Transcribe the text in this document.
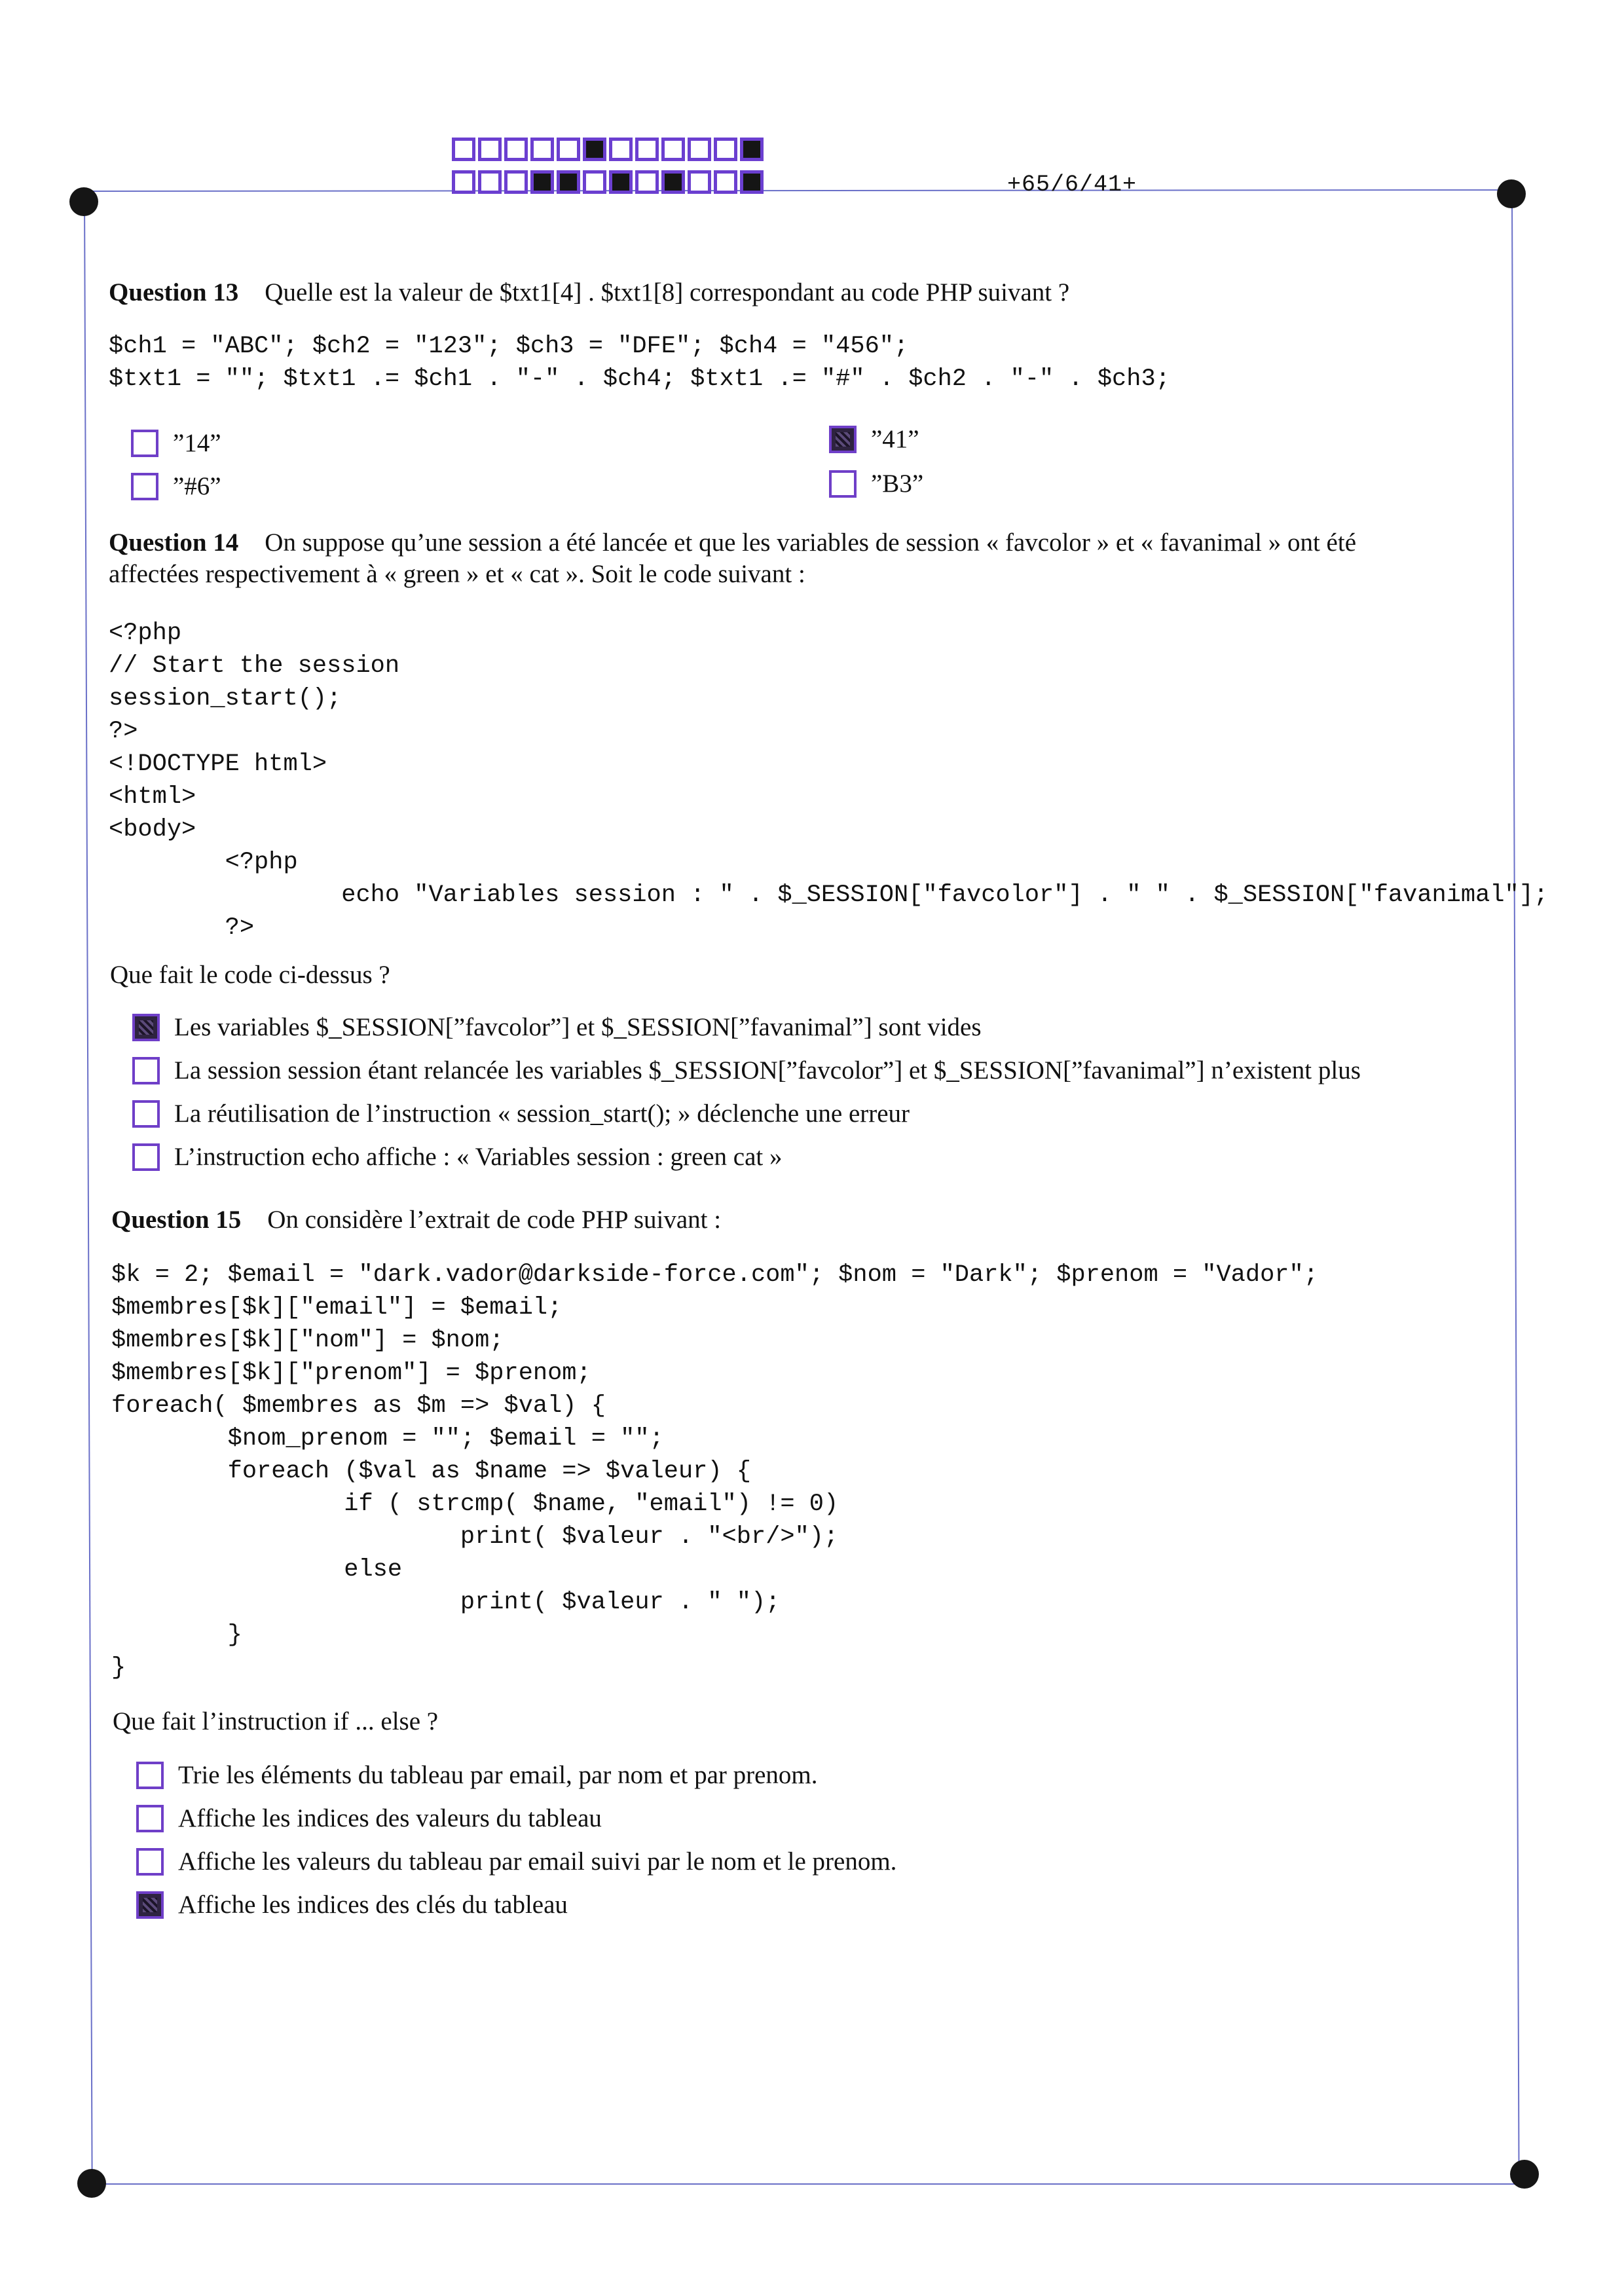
+65/6/41+
Question 13 Quelle est la valeur de $txt1[4] . $txt1[8] correspondant au code PHP suivant ?
$ch1 = "ABC"; $ch2 = "123"; $ch3 = "DFE"; $ch4 = "456";
$txt1 = ""; $txt1 .= $ch1 . "-" . $ch4; $txt1 .= "#" . $ch2 . "-" . $ch3;
”14”	”41”
”#6”	”B3”
Question 14 On suppose qu’une session a été lancée et que les variables de session « favcolor » et « favanimal » ont été
affectées respectivement à « green » et « cat ». Soit le code suivant :
<?php
// Start the session
session_start();
?>
<!DOCTYPE html>
<html>
<body>
<?php
echo "Variables session : " . $_SESSION["favcolor"] . " " . $_SESSION["favanimal"];
?>
Que fait le code ci-dessus ?
Les variables $_SESSION[”favcolor”] et $_SESSION[”favanimal”] sont vides
La session session étant relancée les variables $_SESSION[”favcolor”] et $_SESSION[”favanimal”] n’existent plus
La réutilisation de l’instruction « session_start(); » déclenche une erreur
L’instruction echo affiche : « Variables session : green cat »
Question 15 On considère l’extrait de code PHP suivant :
$k = 2; $email = "dark.vador@darkside-force.com"; $nom = "Dark"; $prenom = "Vador";
$membres[$k]["email"] = $email;
$membres[$k]["nom"] = $nom;
$membres[$k]["prenom"] = $prenom;
foreach( $membres as $m => $val) {
$nom_prenom = ""; $email = "";
foreach ($val as $name => $valeur) {
if ( strcmp( $name, "email") != 0)
print( $valeur . "<br/>");
else
print( $valeur . " ");
}
}
Que fait l’instruction if ... else ?
Trie les éléments du tableau par email, par nom et par prenom.
Affiche les indices des valeurs du tableau
Affiche les valeurs du tableau par email suivi par le nom et le prenom.
Affiche les indices des clés du tableau
